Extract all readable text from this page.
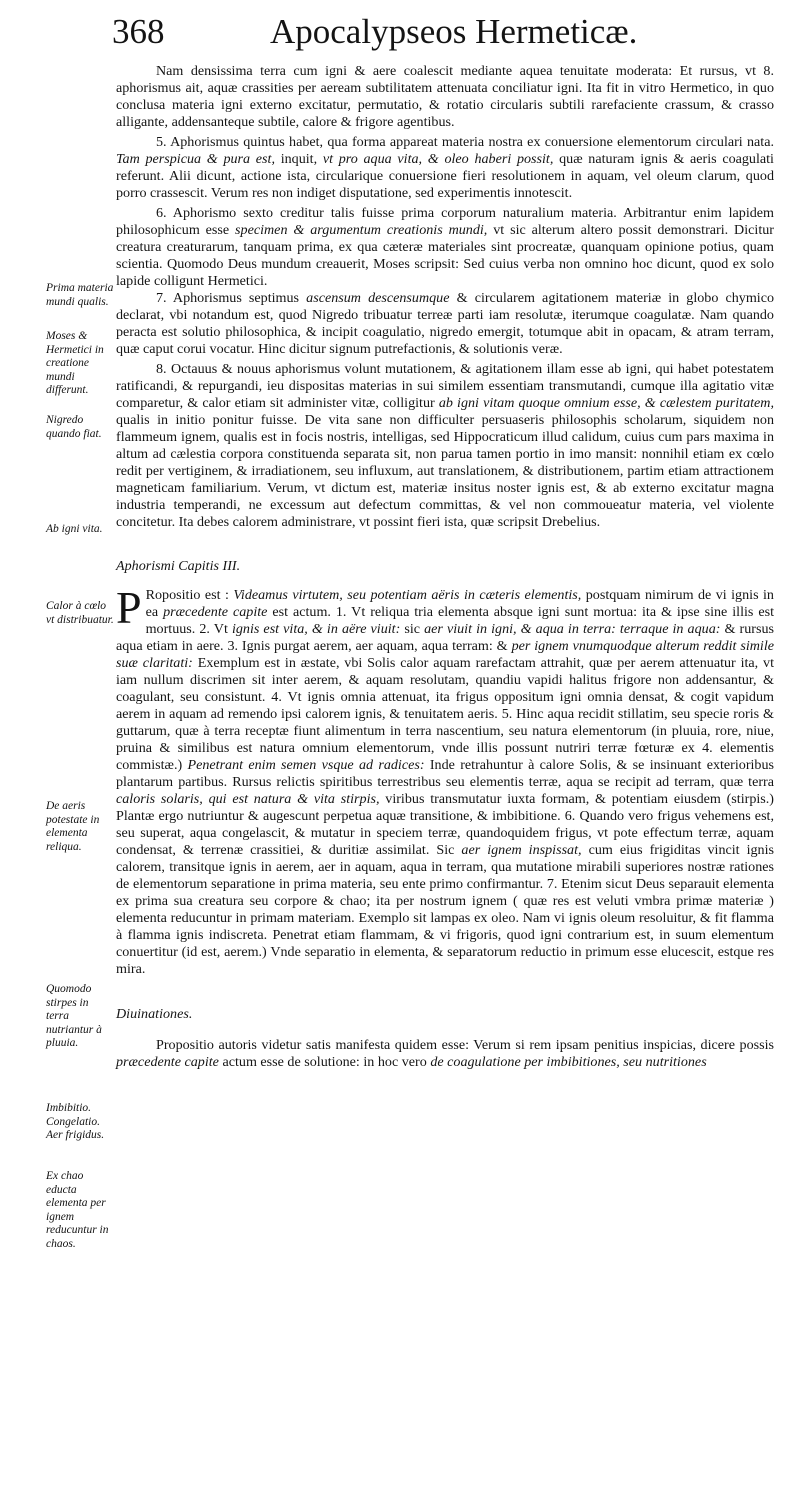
368	Apocalypseos Hermeticæ.

Nam densissima terra cum igni & aere coalescit mediante aquea tenuitate moderata: Et rursus, vt 8. aphorismus ait, aquæ crassities per aeream subtilitatem attenuata conciliatur igni. Ita fit in vitro Hermetico, in quo conclusa materia igni externo excitatur, permutatio, & rotatio circularis subtili rarefaciente crassum, & crasso alligante, addensanteque subtile, calore & frigore agentibus.

5. Aphorismus quintus habet, qua forma appareat materia nostra ex conuersione elementorum circulari nata. Tam perspicua & pura est, inquit, vt pro aqua vita, & oleo haberi possit, quæ naturam ignis & aeris coagulati referunt. Alii dicunt, actione ista, circularique conuersione fieri resolutionem in aquam, vel oleum clarum, quod porro crassescit. Verum res non indiget disputatione, sed experimentis innotescit.

6. Aphorismo sexto creditur talis fuisse prima corporum naturalium materia. Arbitrantur enim lapidem philosophicum esse specimen & argumentum creationis mundi, vt sic alterum altero possit demonstrari. Dicitur creatura creaturarum, tanquam prima, ex qua cæteræ materiales sint procreatæ, quanquam opinione potius, quam scientia. Quomodo Deus mundum creauerit, Moses scripsit: Sed cuius verba non omnino hoc dicunt, quod ex solo lapide colligunt Hermetici.

7. Aphorismus septimus ascensum descensumque & circularem agitationem materiæ in globo chymico declarat, vbi notandum est, quod Nigredo tribuatur terreæ parti iam resolutæ, iterumque coagulatæ. Nam quando peracta est solutio philosophica, & incipit coagulatio, nigredo emergit, totumque abit in opacam, & atram terram, quæ caput corui vocatur. Hinc dicitur signum putrefactionis, & solutionis veræ.

8. Octauus & nouus aphorismus volunt mutationem, & agitationem illam esse ab igni, qui habet potestatem ratificandi, & repurgandi, ieu dispositas materias in sui similem essentiam transmutandi, cumque illa agitatio vitæ comparetur, & calor etiam sit administer vitæ, colligitur ab igni vitam quoque omnium esse, & cælestem puritatem, qualis in initio ponitur fuisse. De vita sane non difficulter persuaseris philosophis scholarum, siquidem non flammeum ignem, qualis est in focis nostris, intelligas, sed Hippocraticum illud calidum, cuius cum pars maxima in altum ad cælestia corpora constituenda separata sit, non parua tamen portio in imo mansit: nonnihil etiam ex cœlo redit per vertiginem, & irradiationem, seu influxum, aut translationem, & distributionem, partim etiam attractionem magneticam familiarium. Verum, vt dictum est, materiæ insitus noster ignis est, & ab externo excitatur magna industria temperandi, ne excessum aut defectum committas, & vel non commoueatur materia, vel violente concitetur. Ita debes calorem administrare, vt possint fieri ista, quæ scripsit Drebelius.

Aphorismi Capitis III.

P Ropositio est : Videamus virtutem, seu potentiam aëris in cæteris elementis, postquam nimirum de vi ignis in ea præcedente capite est actum. 1. Vt reliqua tria elementa absque igni sunt mortua: ita & ipse sine illis est mortuus. 2. Vt ignis est vita, & in aëre viuit: sic aer viuit in igni, & aqua in terra: terraque in aqua: & rursus aqua etiam in aere. 3. Ignis purgat aerem, aer aquam, aqua terram: & per ignem vnumquodque alterum reddit simile suæ claritati: Exemplum est in æstate, vbi Solis calor aquam rarefactam attrahit, quæ per aerem attenuatur ita, vt iam nullum discrimen sit inter aerem, & aquam resolutam, quandiu vapidi halitus frigore non addensantur, & coagulant, seu consistunt. 4. Vt ignis omnia attenuat, ita frigus oppositum igni omnia densat, & cogit vapidum aerem in aquam ad remendo ipsi calorem ignis, & tenuitatem aeris. 5. Hinc aqua recidit stillatim, seu specie roris & guttarum, quæ à terra receptæ fiunt alimentum in terra nascentium, seu natura elementorum (in pluuia, rore, niue, pruina & similibus est natura omnium elementorum, vnde illis possunt nutriri terræ fœturæ ex 4. elementis commistæ.) Penetrant enim semen vsque ad radices: Inde retrahuntur à calore Solis, & se insinuant exterioribus plantarum partibus. Rursus relictis spiritibus terrestribus seu elementis terræ, aqua se recipit ad terram, quæ terra caloris solaris, qui est natura & vita stirpis, viribus transmutatur iuxta formam, & potentiam eiusdem (stirpis.) Plantæ ergo nutriuntur & augescunt perpetua aquæ transitione, & imbibitione. 6. Quando vero frigus vehemens est, seu superat, aqua congelascit, & mutatur in speciem terræ, quandoquidem frigus, vt pote effectum terræ, aquam condensat, & terrenæ crassitiei, & duritiæ assimilat. Sic aer ignem inspissat, cum eius frigiditas vincit ignis calorem, transitque ignis in aerem, aer in aquam, aqua in terram, qua mutatione mirabili superiores nostræ rationes de elementorum separatione in prima materia, seu ente primo confirmantur. 7. Etenim sicut Deus separauit elementa ex prima sua creatura seu corpore & chao; ita per nostrum ignem ( quæ res est veluti vmbra primæ materiæ ) elementa reducuntur in primam materiam. Exemplo sit lampas ex oleo. Nam vi ignis oleum resoluitur, & fit flamma à flamma ignis indiscreta. Penetrat etiam flammam, & vi frigoris, quod igni contrarium est, in suum elementum conuertitur (id est, aerem.) Vnde separatio in elementa, & separatorum reductio in primum esse elucescit, estque res mira.

Diuinationes.

Propositio autoris videtur satis manifesta quidem esse: Verum si rem ipsam penitius inspicias, dicere possis præcedente capite actum esse de solutione: in hoc vero de coagulatione per imbibitiones, seu nutritiones

Prima materia mundi qualis.
Moses & Hermetici in creatione mundi differunt.
Nigredo quando fiat.
Ab igni vita.
Calor à cœlo vt distribuatur.
De aeris potestate in elementa reliqua.
Quomodo stirpes in terra nutriantur à pluuia.
Imbibitio. Congelatio. Aer frigidus.
Ex chao educta elementa per ignem reducuntur in chaos.
